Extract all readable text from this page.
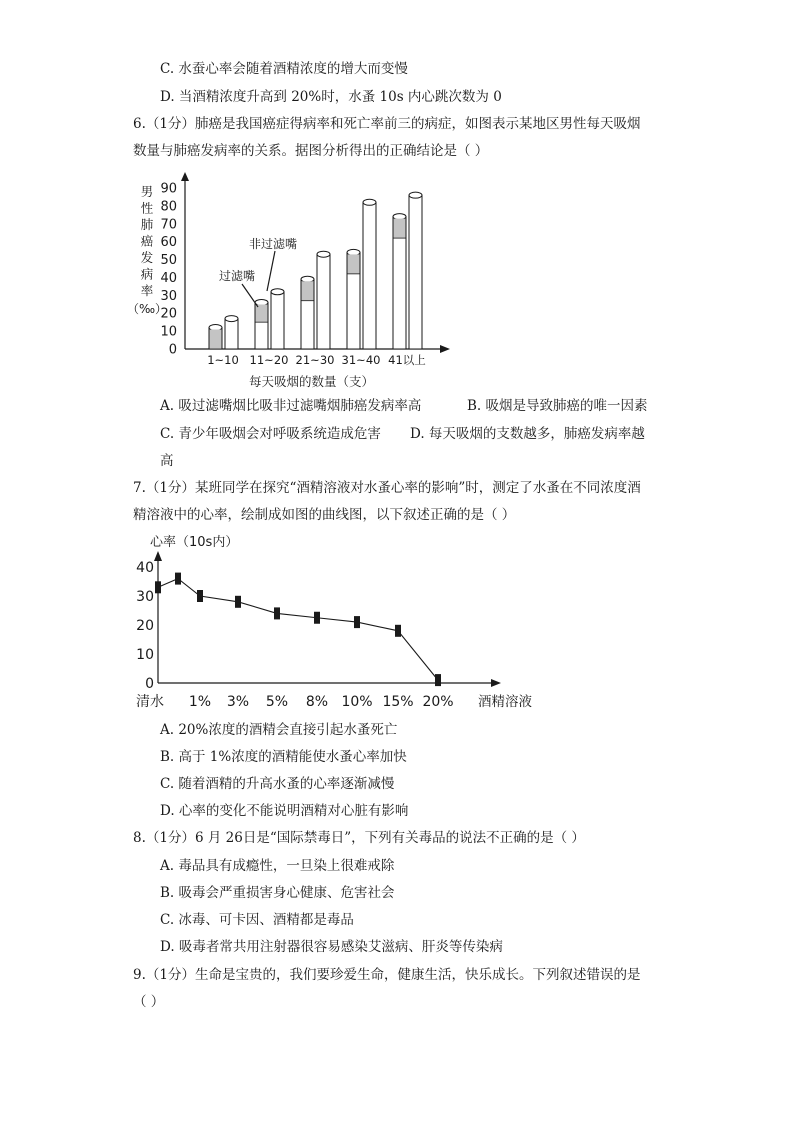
C. 水蚕心率会随着酒精浓度的增大而变慢
D. 当酒精浓度升高到 20%时，水蚤 10s 内心跳次数为 0
6.（1分）肺癌是我国癌症得病率和死亡率前三的病症，如图表示某地区男性每天吸烟
数量与肺癌发病率的关系。据图分析得出的正确结论是（ ）
男
性
肺
癌
发
病
率
（‰）
0
10
20
30
40
50
60
70
80
90
1~10 11~20 21~30 31~40 41以上
非过滤嘴
过滤嘴
每天吸烟的数量（支）
A. 吸过滤嘴烟比吸非过滤嘴烟肺癌发病率高	B. 吸烟是导致肺癌的唯一因素
C. 青少年吸烟会对呼吸系统造成危害 D. 每天吸烟的支数越多，肺癌发病率越
高
7.（1分）某班同学在探究“酒精溶液对水蚤心率的影响”时，测定了水蚤在不同浓度酒
精溶液中的心率，绘制成如图的曲线图，以下叙述正确的是（ ）
心率（10s内）
0
10
20
30
40
清水 1% 3% 5% 8% 10% 15% 20% 酒精溶液
A. 20%浓度的酒精会直接引起水蚤死亡
B. 高于 1%浓度的酒精能使水蚤心率加快
C. 随着酒精的升高水蚤的心率逐渐减慢
D. 心率的变化不能说明酒精对心脏有影响
8.（1分）6 月 26日是“国际禁毒日”，下列有关毒品的说法不正确的是（ ）
A. 毒品具有成瘾性，一旦染上很难戒除
B. 吸毒会严重损害身心健康、危害社会
C. 冰毒、可卡因、酒精都是毒品
D. 吸毒者常共用注射器很容易感染艾滋病、肝炎等传染病
9.（1分）生命是宝贵的，我们要珍爱生命，健康生活，快乐成长。下列叙述错误的是
（ ）
